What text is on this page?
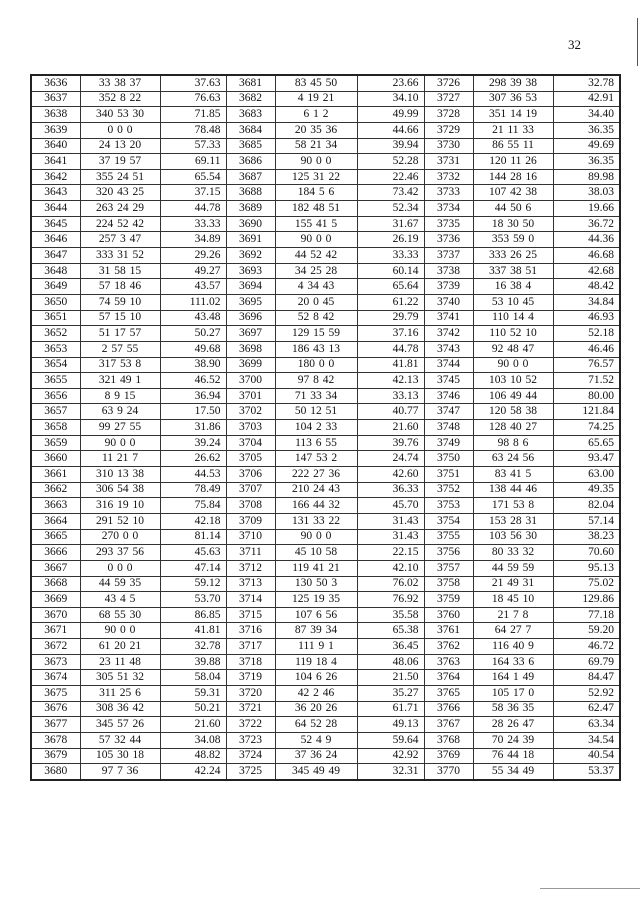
32
3636	33 38 37	37.63	3681	83 45 50	23.66	3726	298 39 38	32.78
3637	352 8 22	76.63	3682	4 19 21	34.10	3727	307 36 53	42.91
3638	340 53 30	71.85	3683	6 1 2	49.99	3728	351 14 19	34.40
3639	0 0 0	78.48	3684	20 35 36	44.66	3729	21 11 33	36.35
3640	24 13 20	57.33	3685	58 21 34	39.94	3730	86 55 11	49.69
3641	37 19 57	69.11	3686	90 0 0	52.28	3731	120 11 26	36.35
3642	355 24 51	65.54	3687	125 31 22	22.46	3732	144 28 16	89.98
3643	320 43 25	37.15	3688	184 5 6	73.42	3733	107 42 38	38.03
3644	263 24 29	44.78	3689	182 48 51	52.34	3734	44 50 6	19.66
3645	224 52 42	33.33	3690	155 41 5	31.67	3735	18 30 50	36.72
3646	257 3 47	34.89	3691	90 0 0	26.19	3736	353 59 0	44.36
3647	333 31 52	29.26	3692	44 52 42	33.33	3737	333 26 25	46.68
3648	31 58 15	49.27	3693	34 25 28	60.14	3738	337 38 51	42.68
3649	57 18 46	43.57	3694	4 34 43	65.64	3739	16 38 4	48.42
3650	74 59 10	111.02	3695	20 0 45	61.22	3740	53 10 45	34.84
3651	57 15 10	43.48	3696	52 8 42	29.79	3741	110 14 4	46.93
3652	51 17 57	50.27	3697	129 15 59	37.16	3742	110 52 10	52.18
3653	2 57 55	49.68	3698	186 43 13	44.78	3743	92 48 47	46.46
3654	317 53 8	38.90	3699	180 0 0	41.81	3744	90 0 0	76.57
3655	321 49 1	46.52	3700	97 8 42	42.13	3745	103 10 52	71.52
3656	8 9 15	36.94	3701	71 33 34	33.13	3746	106 49 44	80.00
3657	63 9 24	17.50	3702	50 12 51	40.77	3747	120 58 38	121.84
3658	99 27 55	31.86	3703	104 2 33	21.60	3748	128 40 27	74.25
3659	90 0 0	39.24	3704	113 6 55	39.76	3749	98 8 6	65.65
3660	11 21 7	26.62	3705	147 53 2	24.74	3750	63 24 56	93.47
3661	310 13 38	44.53	3706	222 27 36	42.60	3751	83 41 5	63.00
3662	306 54 38	78.49	3707	210 24 43	36.33	3752	138 44 46	49.35
3663	316 19 10	75.84	3708	166 44 32	45.70	3753	171 53 8	82.04
3664	291 52 10	42.18	3709	131 33 22	31.43	3754	153 28 31	57.14
3665	270 0 0	81.14	3710	90 0 0	31.43	3755	103 56 30	38.23
3666	293 37 56	45.63	3711	45 10 58	22.15	3756	80 33 32	70.60
3667	0 0 0	47.14	3712	119 41 21	42.10	3757	44 59 59	95.13
3668	44 59 35	59.12	3713	130 50 3	76.02	3758	21 49 31	75.02
3669	43 4 5	53.70	3714	125 19 35	76.92	3759	18 45 10	129.86
3670	68 55 30	86.85	3715	107 6 56	35.58	3760	21 7 8	77.18
3671	90 0 0	41.81	3716	87 39 34	65.38	3761	64 27 7	59.20
3672	61 20 21	32.78	3717	111 9 1	36.45	3762	116 40 9	46.72
3673	23 11 48	39.88	3718	119 18 4	48.06	3763	164 33 6	69.79
3674	305 51 32	58.04	3719	104 6 26	21.50	3764	164 1 49	84.47
3675	311 25 6	59.31	3720	42 2 46	35.27	3765	105 17 0	52.92
3676	308 36 42	50.21	3721	36 20 26	61.71	3766	58 36 35	62.47
3677	345 57 26	21.60	3722	64 52 28	49.13	3767	28 26 47	63.34
3678	57 32 44	34.08	3723	52 4 9	59.64	3768	70 24 39	34.54
3679	105 30 18	48.82	3724	37 36 24	42.92	3769	76 44 18	40.54
3680	97 7 36	42.24	3725	345 49 49	32.31	3770	55 34 49	53.37
